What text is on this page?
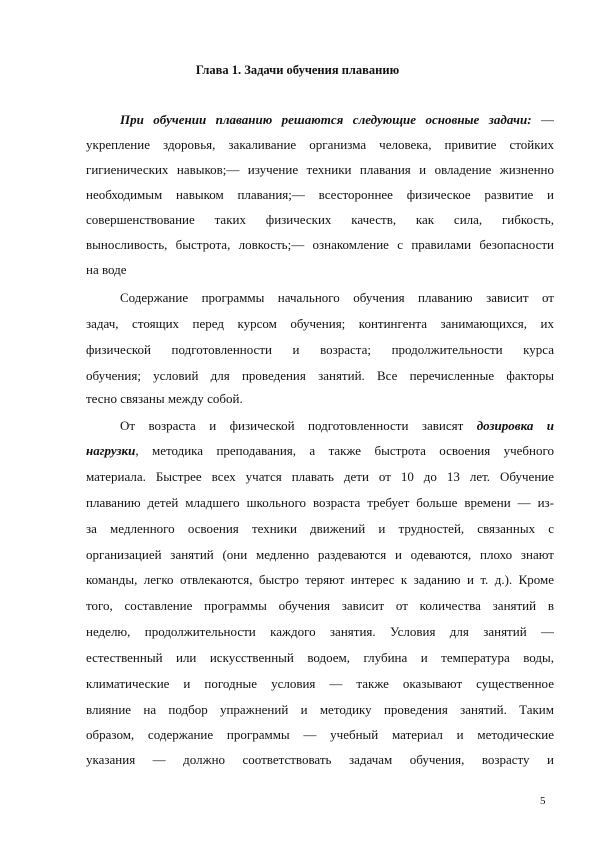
Глава 1. Задачи обучения плаванию
При обучении плаванию решаются следующие основные задачи: —
укрепление здоровья, закаливание организма человека, привитие стойких
гигиенических навыков;— изучение техники плавания и овладение жизненно
необходимым навыком плавания;— всестороннее физическое развитие и
совершенствование таких физических качеств, как сила, гибкость,
выносливость, быстрота, ловкость;— ознакомление с правилами безопасности
на воде
Содержание программы начального обучения плаванию зависит от
задач, стоящих перед курсом обучения; контингента занимающихся, их
физической подготовленности и возраста; продолжительности курса
обучения; условий для проведения занятий. Все перечисленные факторы
тесно связаны между собой.
От возраста и физической подготовленности зависят дозировка и
нагрузки, методика преподавания, а также быстрота освоения учебного
материала. Быстрее всех учатся плавать дети от 10 до 13 лет. Обучение
плаванию детей младшего школьного возраста требует больше времени — из-
за медленного освоения техники движений и трудностей, связанных с
организацией занятий (они медленно раздеваются и одеваются, плохо знают
команды, легко отвлекаются, быстро теряют интерес к заданию и т. д.). Кроме
того, составление программы обучения зависит от количества занятий в
неделю, продолжительности каждого занятия. Условия для занятий —
естественный или искусственный водоем, глубина и температура воды,
климатические и погодные условия — также оказывают существенное
влияние на подбор упражнений и методику проведения занятий. Таким
образом, содержание программы — учебный материал и методические
указания — должно соответствовать задачам обучения, возрасту и
5
